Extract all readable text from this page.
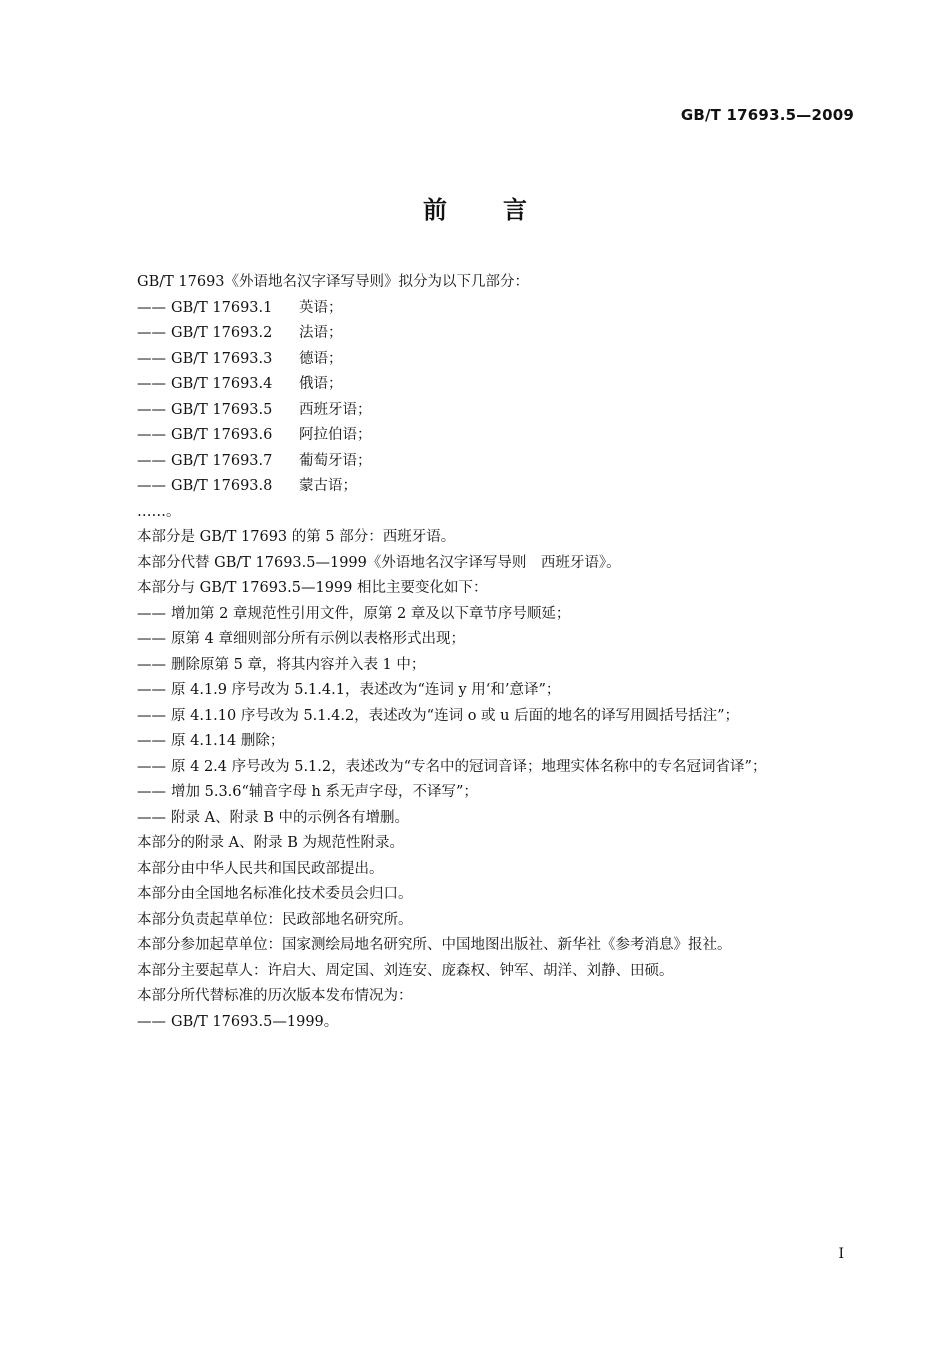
GB/T 17693.5—2009
前言
GB/T 17693《外语地名汉字译写导则》拟分为以下几部分：
—— GB/T 17693.1 英语；
—— GB/T 17693.2 法语；
—— GB/T 17693.3 德语；
—— GB/T 17693.4 俄语；
—— GB/T 17693.5 西班牙语；
—— GB/T 17693.6 阿拉伯语；
—— GB/T 17693.7 葡萄牙语；
—— GB/T 17693.8 蒙古语；
……。
本部分是 GB/T 17693 的第 5 部分：西班牙语。
本部分代替 GB/T 17693.5—1999《外语地名汉字译写导则　西班牙语》。
本部分与 GB/T 17693.5—1999 相比主要变化如下：
—— 增加第 2 章规范性引用文件，原第 2 章及以下章节序号顺延；
—— 原第 4 章细则部分所有示例以表格形式出现；
—— 删除原第 5 章，将其内容并入表 1 中；
—— 原 4.1.9 序号改为 5.1.4.1，表述改为“连词 y 用‘和’意译”；
—— 原 4.1.10 序号改为 5.1.4.2，表述改为“连词 o 或 u 后面的地名的译写用圆括号括注”；
—— 原 4.1.14 删除；
—— 原 4 2.4 序号改为 5.1.2，表述改为“专名中的冠词音译；地理实体名称中的专名冠词省译”；
—— 增加 5.3.6“辅音字母 h 系无声字母，不译写”；
—— 附录 A、附录 B 中的示例各有增删。
本部分的附录 A、附录 B 为规范性附录。
本部分由中华人民共和国民政部提出。
本部分由全国地名标准化技术委员会归口。
本部分负责起草单位：民政部地名研究所。
本部分参加起草单位：国家测绘局地名研究所、中国地图出版社、新华社《参考消息》报社。
本部分主要起草人：许启大、周定国、刘连安、庞森权、钟军、胡洋、刘静、田硕。
本部分所代替标准的历次版本发布情况为：
—— GB/T 17693.5—1999。
I
